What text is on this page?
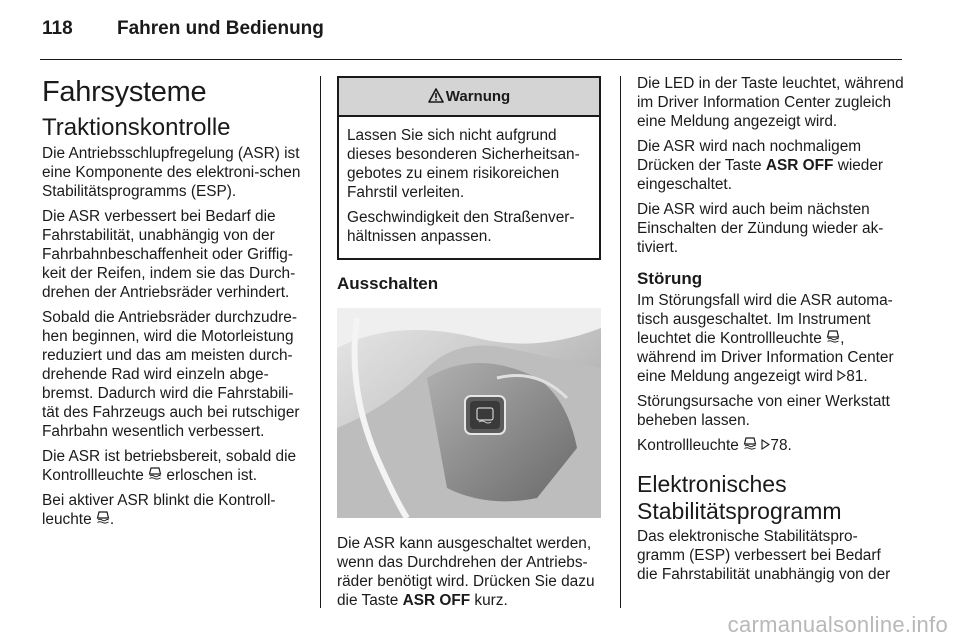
118 Fahren und Bedienung
Fahrsysteme
Traktionskontrolle

Die Antriebsschlupfregelung (ASR) ist eine Komponente des elektroni-schen Stabilitätsprogramms (ESP).

Die ASR verbessert bei Bedarf die Fahrstabilität, unabhängig von der Fahrbahnbeschaffenheit oder Griffig-keit der Reifen, indem sie das Durch-drehen der Antriebsräder verhindert.

Sobald die Antriebsräder durchzudre-hen beginnen, wird die Motorleistung reduziert und das am meisten durch-drehende Rad wird einzeln abge-bremst. Dadurch wird die Fahrstabili-tät des Fahrzeugs auch bei rutschiger Fahrbahn wesentlich verbessert.

Die ASR ist betriebsbereit, sobald die Kontrollleuchte  erloschen ist.

Bei aktiver ASR blinkt die Kontroll-leuchte .

Warnung

Lassen Sie sich nicht aufgrund dieses besonderen Sicherheitsan-gebotes zu einem risikoreichen Fahrstil verleiten.

Geschwindigkeit den Straßenver-hältnissen anpassen.

Ausschalten

Die ASR kann ausgeschaltet werden, wenn das Durchdrehen der Antriebs-räder benötigt wird. Drücken Sie dazu die Taste ASR OFF kurz.

Die LED in der Taste leuchtet, während im Driver Information Center zugleich eine Meldung angezeigt wird.

Die ASR wird nach nochmaligem Drücken der Taste ASR OFF wieder eingeschaltet.

Die ASR wird auch beim nächsten Einschalten der Zündung wieder ak-tiviert.

Störung

Im Störungsfall wird die ASR automa-tisch ausgeschaltet. Im Instrument leuchtet die Kontrollleuchte , während im Driver Information Center eine Meldung angezeigt wird 81.

Störungsursache von einer Werkstatt beheben lassen.

Kontrollleuchte 78.

Elektronisches Stabilitätsprogramm

Das elektronische Stabilitätspro-gramm (ESP) verbessert bei Bedarf die Fahrstabilität unabhängig von der

carmanualsonline.info
